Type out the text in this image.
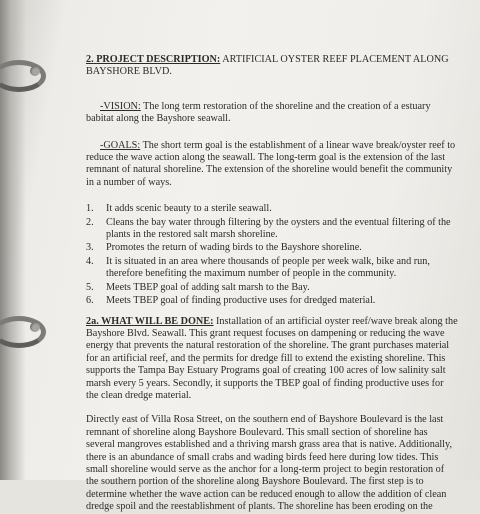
2. PROJECT DESCRIPTION: ARTIFICIAL OYSTER REEF PLACEMENT ALONG BAYSHORE BLVD.

-VISION: The long term restoration of the shoreline and the creation of a estuary babitat along the Bayshore seawall.

-GOALS: The short term goal is the establishment of a linear wave break/oyster reef to reduce the wave action along the seawall. The long-term goal is the extension of the last remnant of natural shoreline. The extension of the shoreline would benefit the community in a number of ways.

1.	It adds scenic beauty to a sterile seawall.
2.	Cleans the bay water through filtering by the oysters and the eventual filtering of the plants in the restored salt marsh shoreline.
3.	Promotes the return of wading birds to the Bayshore shoreline.
4.	It is situated in an area where thousands of people per week walk, bike and run, therefore benefiting the maximum number of people in the community.
5.	Meets TBEP goal of adding salt marsh to the Bay.
6.	Meets TBEP goal of finding productive uses for dredged material.

2a. WHAT WILL BE DONE: Installation of an artificial oyster reef/wave break along the Bayshore Blvd. Seawall. This grant request focuses on dampening or reducing the wave energy that prevents the natural restoration of the shoreline. The grant purchases material for an artificial reef, and the permits for dredge fill to extend the existing shoreline. This supports the Tampa Bay Estuary Programs goal of creating 100 acres of low salinity salt marsh every 5 years. Secondly, it supports the TBEP goal of finding productive uses for the clean dredge material.

Directly east of Villa Rosa Street, on the southern end of Bayshore Boulevard is the last remnant of shoreline along Bayshore Boulevard. This small section of shoreline has several mangroves established and a thriving marsh grass area that is native. Additionally, there is an abundance of small crabs and wading birds feed here during low tides. This small shoreline would serve as the anchor for a long-term project to begin restoration of the southern portion of the shoreline along Bayshore Boulevard. The first step is to determine whether the wave action can be reduced enough to allow the addition of clean dredge spoil and the reestablishment of plants. The shoreline has been eroding on the
